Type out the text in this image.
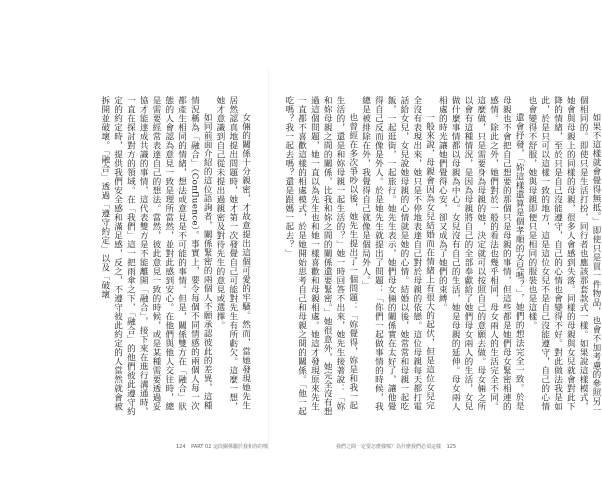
如果不這樣就會覺得無抵。」即使只是買一件物品，也會不加考慮的參照另一個相同的。即使只是生活打扮，同行者也應該那套款式一樣。如果說這樣模式，她會與母親上的同樣的母親，很多人會感到失落。同樣的母親與女兒就會對此下降的情緒，至於只是自己沒能遵守，自己的心情也會變得不好。對此做法我是如此，於是只可以這樣一致的地方，這是這位女兒不是自己沒能遵守，自己的心情也會變得不舒服，她與母親即便只是相同的服裝也是這樣。

還會抒發，「妳這樣還算是個孝順的女兒嗎？」，她們的想法完全一致。於是母親也不會把自己想要的那個只是母親的事情，但這些都是她們母女緊密相連的感情。除此之外，她們對於一般的看法也幾乎相同，母女兩人的生活完全不同。這麼做，只是需要身為母親的她，決定就可以按照自己的意願去做。母女倆之所以會有這種情況，是因為母親將自己的全部奉獻給了她們母女兩人的生活，女兒做什麼事情都以母親為中心。女兒沒有自己的生活，她是母親的延伸。母女兩人相處的時光讓她們覺得心安，卻又成為了她們的束縛。

一般來說，母親會因為女兒結婚而在情緒上有很大的起伏，但是這位女兒完全沒有表現出來，她只是不停地表達自己對於母親的依戀。這位母親每天都打電話給女兒，女兒說她母親的心情就是她的心情。結婚以後，她常常和母親一起吃飯，一起逛街，一起旅行。她先生表示，她們母女倆的關係實在太好了，讓他覺得自己反而像是外人。於是她先生就提出了問題：「你們一起做事情的時候，我總是被排除在外，我覺得自己就像是個局外人。」

也曾經在多次爭吵以後，她先生提出了一個問題：「妳覺得，妳是和我一起生活的，還是和妳母親一起生活的？」她一時回答不出來，她先生接著說：「妳和妳母親之間的關係，比我和妳之間的關係還要緊密。」她很意外，她完全沒有想過這個問題，她一直以為先生也和她一樣喜歡和母親相處。她這才發現原來先生一直都不喜歡這樣的相處模式，於是她開始思考自己和母親之間的關係。「他一起吃嗎？我一起去嗎？還是跟媽一起去？」

女倆的關係十分親密，才故意提出這個可愛的牢騷。然而，當她發現她先生居然認真地提出問題時，她才第一次發覺自己可能對先生有所虧欠。這麼一想，她才意識到自己從未提出過親密及對待先生的意見或選擇。

如同前面介紹的這位語詢者，關係緊密的兩個人不願承認彼此的差異，這種情況稱為「融合」（Confluence）。事實上，要令每個不同情感的兩個人每一次都產生相同的情緒，想法或意見是不可能的事情。但是，關係雙方在「融合」狀態的人會認為意見一致是理所當然，並對此感到安心。在他們與他人交往時，總是需要經常表達自己的想法。當然，彼此意見一致的時候，或是某種需要透過妥協才能達成共識的事情，這代表雙方是不能離開「融合」，接下來在進行溝通時，一直在探討對方的領域。在「我們」這一把雨傘之下，「融合」的他們彼此遵守約定的約定時，提供我們安全感和滿足感，反之，不遵守彼此約定的人當然就會被拆開並破壞。「融合」透過「遵守約定」以及「破壞

124 PART 02 這段關係屬於我和你的嗎	我們之間一定要怎麼樣嗎？為什麼我們必須這樣 125
